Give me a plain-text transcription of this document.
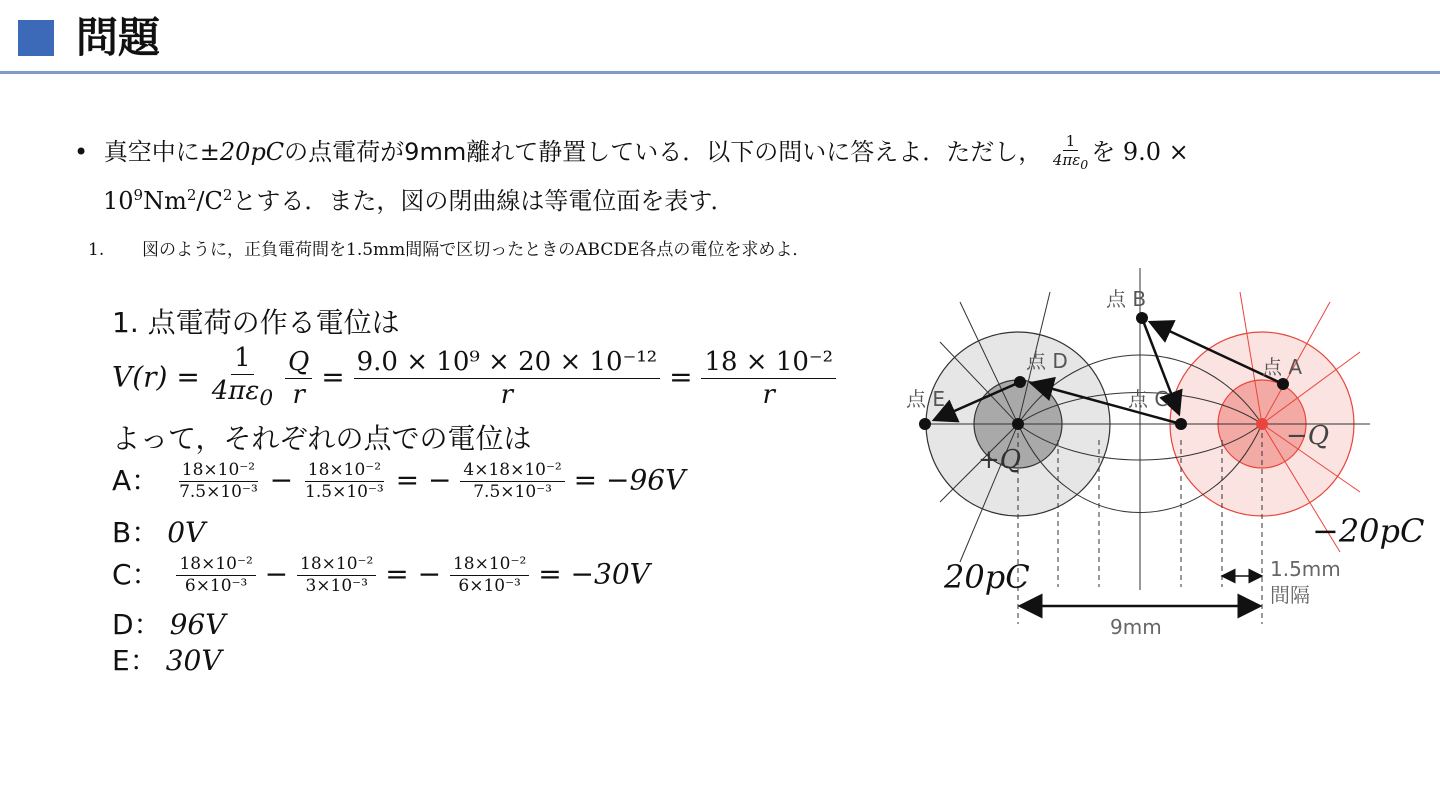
問題
• 真空中に±20pCの点電荷が9mm離れて静置している．以下の問いに答えよ．ただし， $\frac{1}{4\pi\varepsilon_0}$ を 9.0 ×
$10^9Nm^2/C^2$とする．また，図の閉曲線は等電位面を表す．
1. 図のように，正負電荷間を1.5mm間隔で区切ったときのABCDE各点の電位を求めよ．
1. 点電荷の作る電位は
$V(r) = \frac{1}{4\pi\varepsilon_0}$
$\frac{Q}{r} = \frac{\text{9.0 × 10⁹ × 20 × 10⁻¹²}}{r} = \frac{\text{18 × 10⁻²}}{r}$
よって，それぞれの点での電位は
A： $\frac{\text{18×10⁻²}}{\text{7.5×10⁻³}} - \frac{\text{18×10⁻²}}{\text{1.5×10⁻³}}$ = − $\frac{\text{4×18×10⁻²}}{\text{7.5×10⁻³}} = -96V$
B： 0V
C： $\frac{\text{18×10⁻²}}{\text{6×10⁻³}} - \frac{\text{18×10⁻²}}{\text{3×10⁻³}}$ = − $\frac{\text{18×10⁻²}}{\text{6×10⁻³}} = -30V$
D： 96V
E： 30V
点 A
点 B
点 C
点 D
点 E
+Q
−Q
1.5mm
間隔
9mm
20pC
−20pC
